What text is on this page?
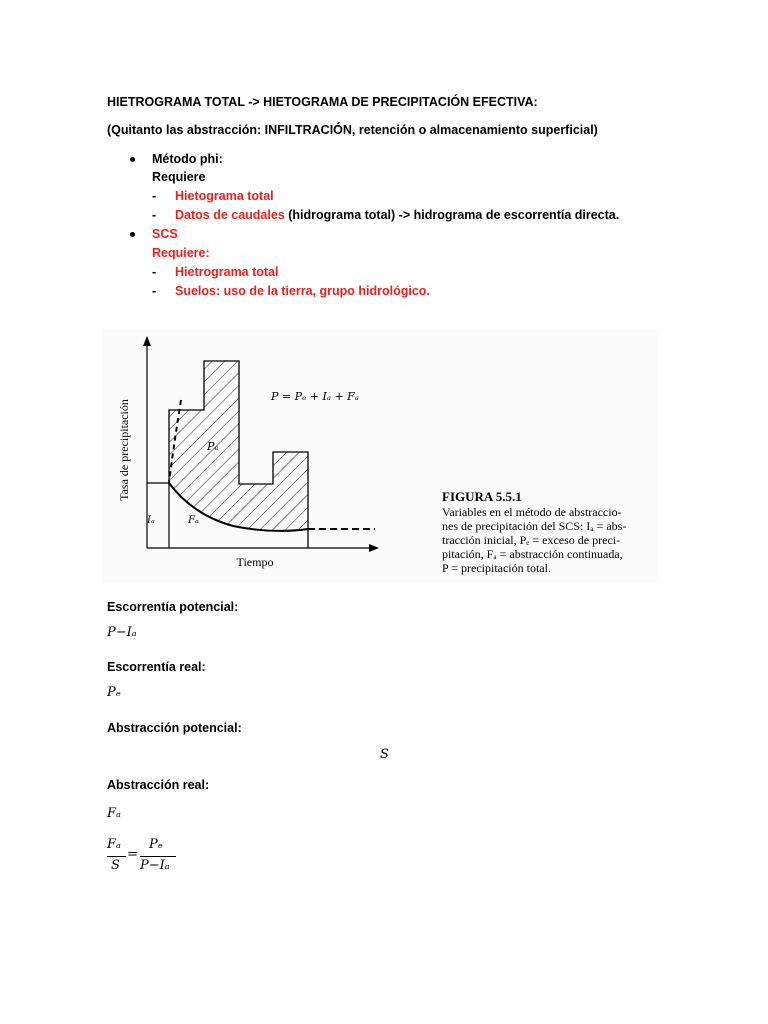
HIETROGRAMA TOTAL -> HIETOGRAMA DE PRECIPITACIÓN EFECTIVA:
(Quitanto las abstracción: INFILTRACIÓN, retención o almacenamiento superficial)
Método phi:
Requiere
- Hietograma total
- Datos de caudales (hidrograma total) -> hidrograma de escorrentía directa.
SCS
Requiere:
- Hietrograma total
- Suelos: uso de la tierra, grupo hidrológico.
Tasa de precipitación
Tiempo
P = Pₑ + Iₐ + Fₐ
Pₑ
Iₐ	Fₐ
FIGURA 5.5.1
Variables en el método de abstraccio-
nes de precipitación del SCS: Iₐ = abs-
tracción inicial, Pₑ = exceso de preci-
pitación, Fₐ = abstracción continuada,
P = precipitación total.
Escorrentía potencial:
P−Iₐ
Escorrentía real:
Pₑ
Abstracción potencial:
S
Abstracción real:
Fₐ
Fₐ
S
=
Pₑ
P−Iₐ
